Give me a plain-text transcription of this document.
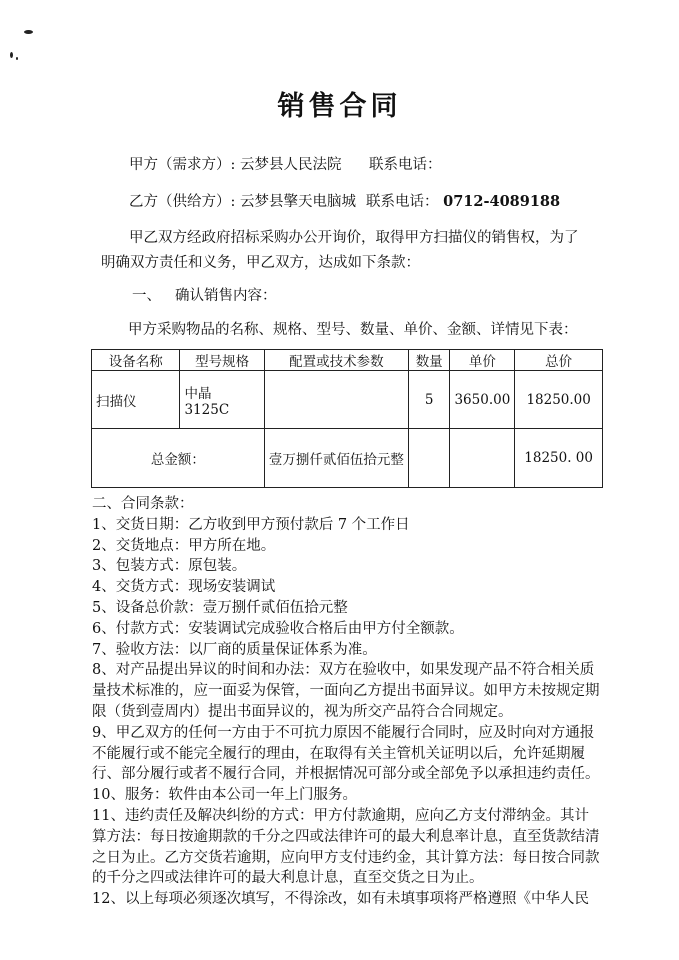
销售合同
甲方（需求方）: 云梦县人民法院 联系电话：
乙方（供给方）: 云梦县擎天电脑城 联系电话： 0712-4089188
甲乙双方经政府招标采购办公开询价，取得甲方扫描仪的销售权，为了明确双方责任和义务，甲乙双方，达成如下条款：
一、 确认销售内容：
甲方采购物品的名称、规格、型号、数量、单价、金额、详情见下表：
设备名称	型号规格	配置或技术参数	数量	单价	总价
扫描仪	中晶 3125C		5	3650.00	18250.00
总金额：		壹万捌仟贰佰伍拾元整			18250. 00
二、合同条款：
1、交货日期：乙方收到甲方预付款后 7 个工作日
2、交货地点：甲方所在地。
3、包装方式：原包装。
4、交货方式：现场安装调试
5、设备总价款：壹万捌仟贰佰伍拾元整
6、付款方式：安装调试完成验收合格后由甲方付全额款。
7、验收方法：以厂商的质量保证体系为准。
8、对产品提出异议的时间和办法：双方在验收中，如果发现产品不符合相关质量技术标准的，应一面妥为保管，一面向乙方提出书面异议。如甲方未按规定期限（货到壹周内）提出书面异议的，视为所交产品符合合同规定。
9、甲乙双方的任何一方由于不可抗力原因不能履行合同时，应及时向对方通报不能履行或不能完全履行的理由，在取得有关主管机关证明以后，允许延期履行、部分履行或者不履行合同，并根据情况可部分或全部免予以承担违约责任。
10、服务：软件由本公司一年上门服务。
11、违约责任及解决纠纷的方式：甲方付款逾期，应向乙方支付滞纳金。其计算方法：每日按逾期款的千分之四或法律许可的最大利息率计息，直至货款结清之日为止。乙方交货若逾期，应向甲方支付违约金，其计算方法：每日按合同款的千分之四或法律许可的最大利息计息，直至交货之日为止。
12、以上每项必须逐次填写，不得涂改，如有未填事项将严格遵照《中华人民
